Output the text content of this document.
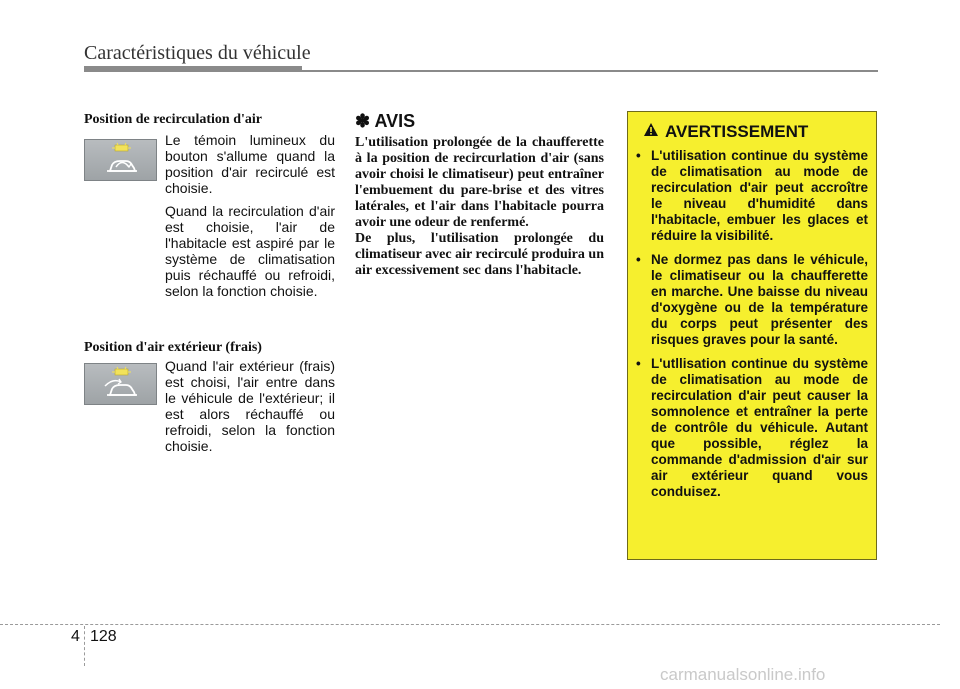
Caractéristiques du véhicule
Position de recirculation d'air

Le témoin lumineux du bouton s'allume quand la position d'air recirculé est choisie.

Quand la recirculation d'air est choisie, l'air de l'habitacle est aspiré par le système de climatisation puis réchauffé ou refroidi, selon la fonction choisie.

Position d'air extérieur (frais)

Quand l'air extérieur (frais) est choisi, l'air entre dans le véhicule de l'extérieur; il est alors réchauffé ou refroidi, selon la fonction choisie.

✽ AVIS

L'utilisation prolongée de la chaufferette à la position de recircurlation d'air (sans avoir choisi le climatiseur) peut entraîner l'embuement du pare-brise et des vitres latérales, et l'air dans l'habitacle pourra avoir une odeur de renfermé.

De plus, l'utilisation prolongée du climatiseur avec air recirculé produira un air excessivement sec dans l'habitacle.

AVERTISSEMENT
• L'utilisation continue du système de climatisation au mode de recirculation d'air peut accroître le niveau d'humidité dans l'habitacle, embuer les glaces et réduire la visibilité.
• Ne dormez pas dans le véhicule, le climatiseur ou la chaufferette en marche. Une baisse du niveau d'oxygène ou de la température du corps peut présenter des risques graves pour la santé.
• L'utllisation continue du système de climatisation au mode de recirculation d'air peut causer la somnolence et entraîner la perte de contrôle du véhicule. Autant que possible, réglez la commande d'admission d'air sur air extérieur quand vous conduisez.
4 128
carmanualsonline.info
